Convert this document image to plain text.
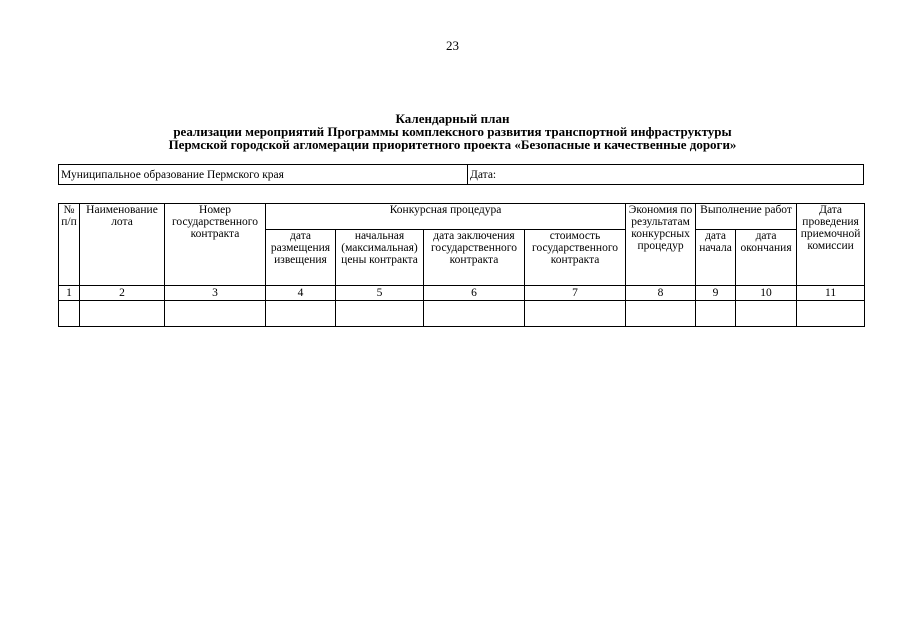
23
Календарный план
реализации мероприятий Программы комплексного развития транспортной инфраструктуры
Пермской городской агломерации приоритетного проекта «Безопасные и качественные дороги»
Муниципальное образование Пермского края	Дата:
№ п/п	Наименование лота	Номер государственного контракта	Конкурсная процедура				Экономия по результатам конкурсных процедур	Выполнение работ		Дата проведения приемочной комиссии
			дата размещения извещения	начальная (максимальная) цены контракта	дата заключения государственного контракта	стоимость государственного контракта		дата начала	дата окончания	
1	2	3	4	5	6	7	8	9	10	11
